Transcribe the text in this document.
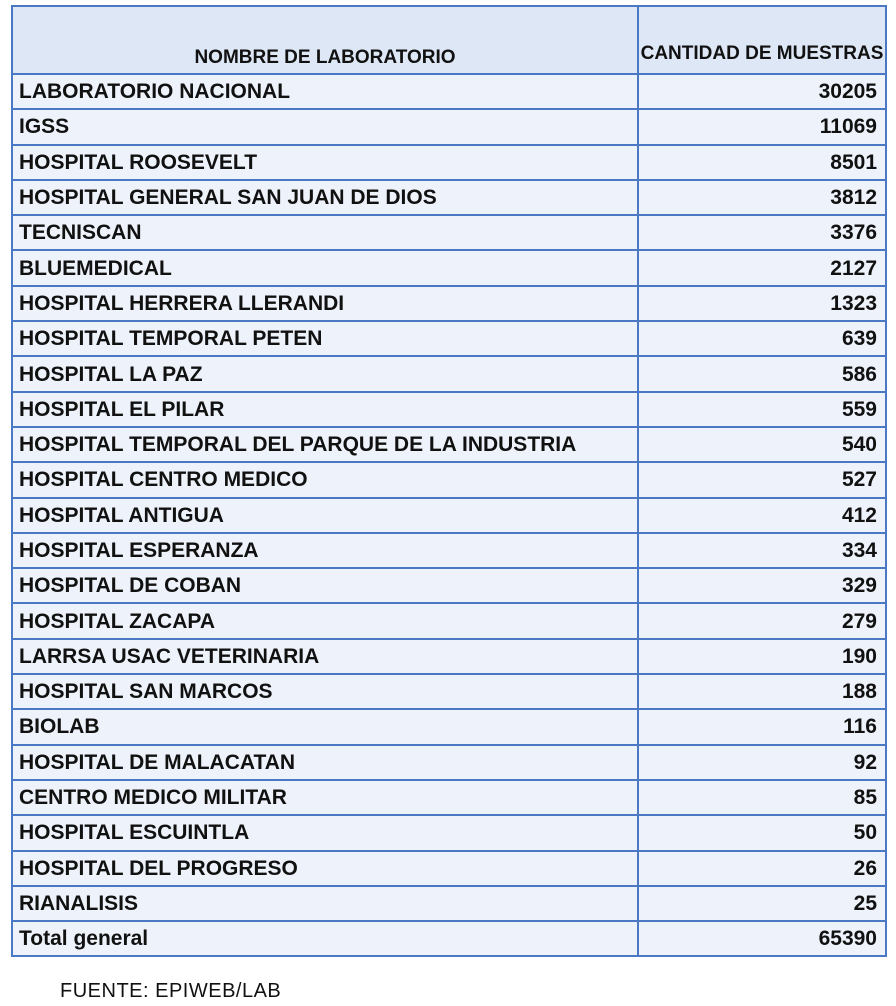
NOMBRE DE LABORATORIO	CANTIDAD DE MUESTRAS
LABORATORIO NACIONAL	30205
IGSS	11069
HOSPITAL ROOSEVELT	8501
HOSPITAL GENERAL SAN JUAN DE DIOS	3812
TECNISCAN	3376
BLUEMEDICAL	2127
HOSPITAL HERRERA LLERANDI	1323
HOSPITAL TEMPORAL PETEN	639
HOSPITAL LA PAZ	586
HOSPITAL EL PILAR	559
HOSPITAL TEMPORAL DEL PARQUE DE LA INDUSTRIA	540
HOSPITAL CENTRO MEDICO	527
HOSPITAL ANTIGUA	412
HOSPITAL ESPERANZA	334
HOSPITAL DE COBAN	329
HOSPITAL ZACAPA	279
LARRSA USAC VETERINARIA	190
HOSPITAL SAN MARCOS	188
BIOLAB	116
HOSPITAL DE MALACATAN	92
CENTRO MEDICO MILITAR	85
HOSPITAL ESCUINTLA	50
HOSPITAL DEL PROGRESO	26
RIANALISIS	25
Total general	65390
FUENTE: EPIWEB/LAB
